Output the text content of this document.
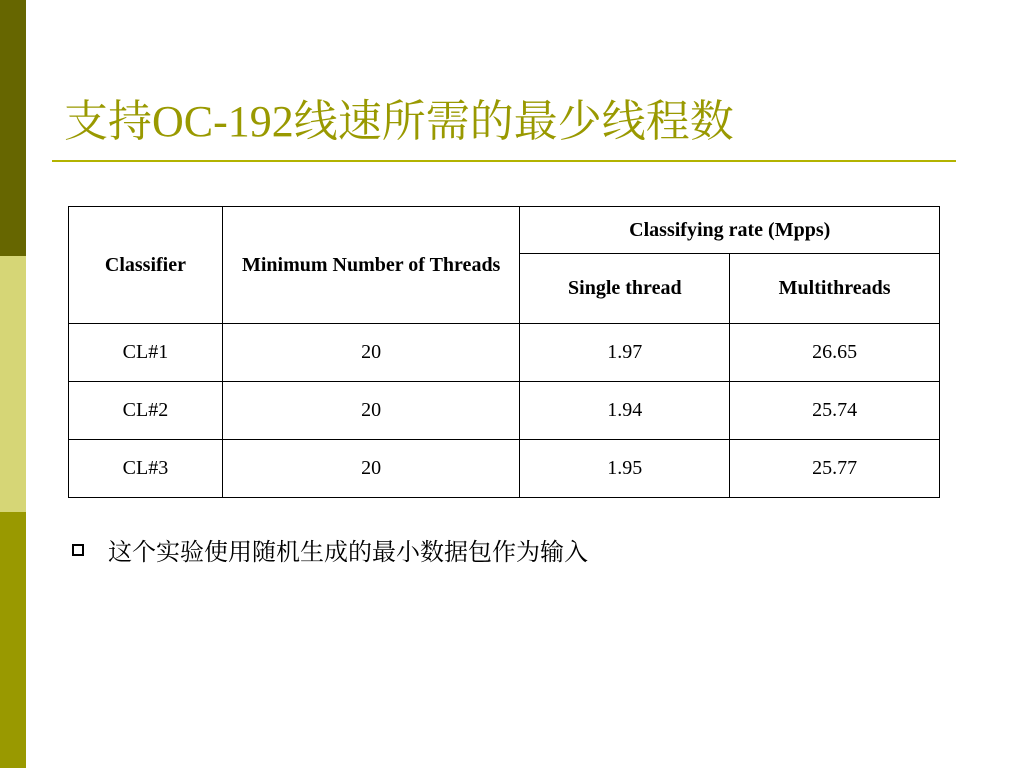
支持OC-192线速所需的最少线程数
Classifier	Minimum Number of Threads	Classifying rate (Mpps)	
		Single thread	Multithreads
CL#1	20	1.97	26.65
CL#2	20	1.94	25.74
CL#3	20	1.95	25.77
这个实验使用随机生成的最小数据包作为输入
